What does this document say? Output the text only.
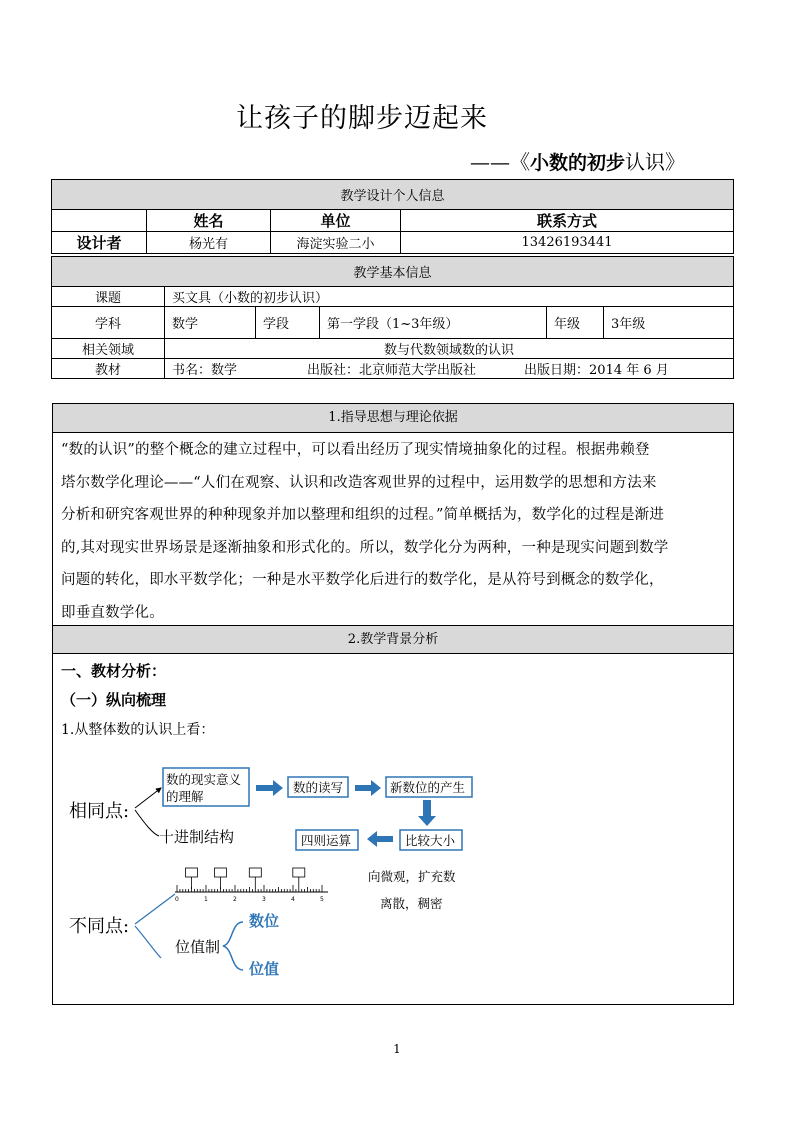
让孩子的脚步迈起来
——《小数的初步认识》
教学设计个人信息			
	姓名	单位	联系方式
设计者	杨光有	海淀实验二小	13426193441
教学基本信息					
课题	买文具（小数的初步认识）				
学科	数学	学段	第一学段（1~3年级）	年级	3年级
相关领域	数与代数领域数的认识				
教材	书名：数学 出版社：北京师范大学出版社 出版日期：2014 年 6 月				
1.指导思想与理论依据
“数的认识”的整个概念的建立过程中，可以看出经历了现实情境抽象化的过程。根据弗赖登
塔尔数学化理论——“人们在观察、认识和改造客观世界的过程中，运用数学的思想和方法来
分析和研究客观世界的种种现象并加以整理和组织的过程。”简单概括为，数学化的过程是渐进
的,其对现实世界场景是逐渐抽象和形式化的。所以，数学化分为两种，一种是现实问题到数学
问题的转化，即水平数学化；一种是水平数学化后进行的数学化，是从符号到概念的数学化，
即垂直数学化。
2.教学背景分析
一、教材分析：
（一）纵向梳理
1.从整体数的认识上看：
相同点:
数的现实意义
的理解
数的读写	新数位的产生
比较大小
四则运算
十进制结构
0	1	2	3	4	5
向微观，扩充数
离散，稠密
不同点:
位值制
数位
位值
1
